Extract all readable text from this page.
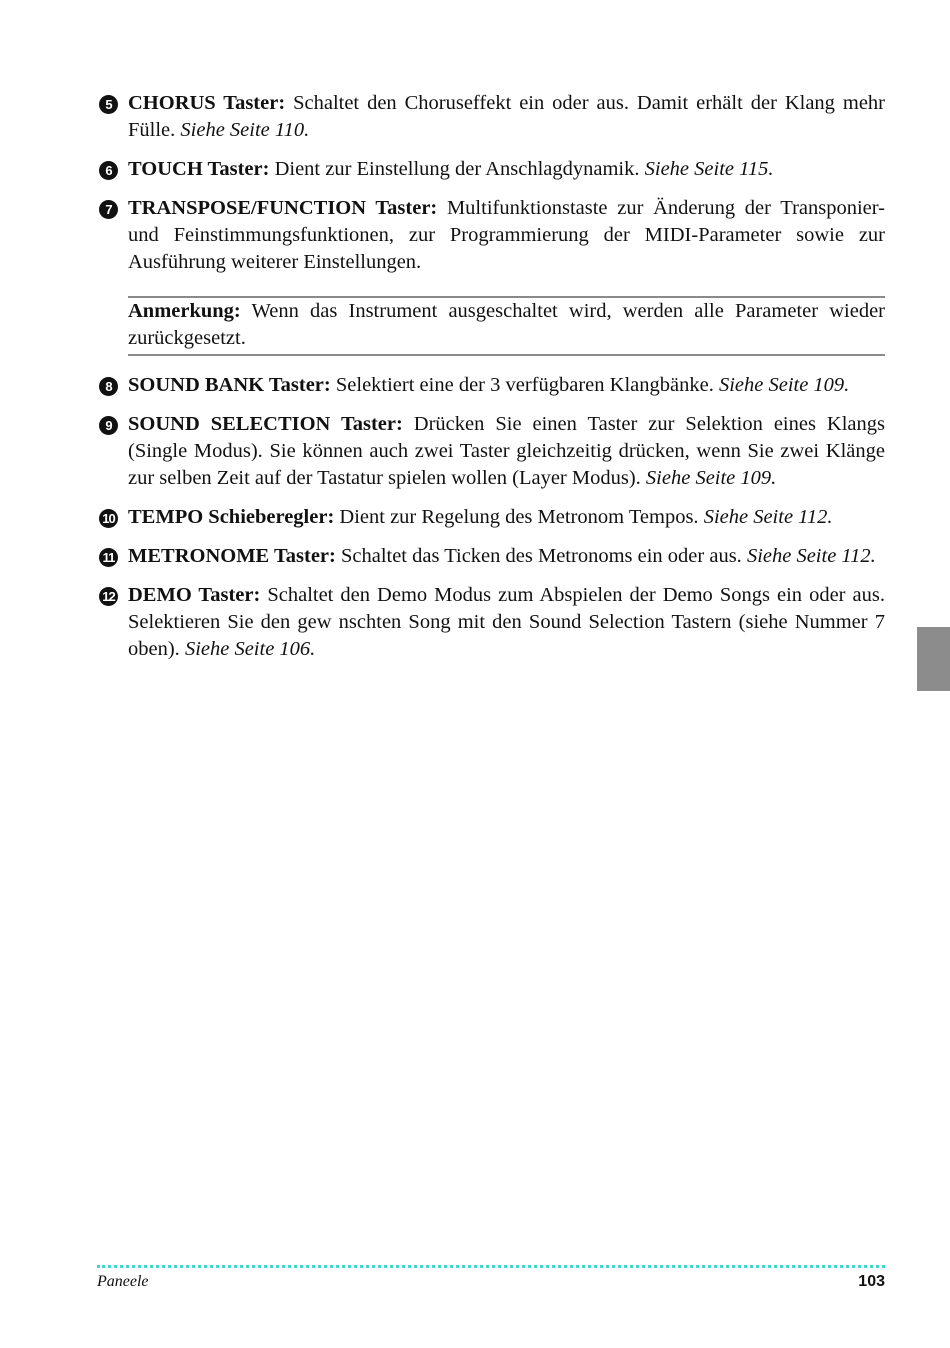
5 CHORUS Taster: Schaltet den Choruseffekt ein oder aus. Damit erhält der Klang mehr Fülle. Siehe Seite 110.
6 TOUCH Taster: Dient zur Einstellung der Anschlagdynamik. Siehe Seite 115.
7 TRANSPOSE/FUNCTION Taster: Multifunktionstaste zur Änderung der Transponier- und Feinstimmungsfunktionen, zur Programmierung der MIDI-Parameter sowie zur Ausführung weiterer Einstellungen.
Anmerkung: Wenn das Instrument ausgeschaltet wird, werden alle Parameter wieder zurückgesetzt.
8 SOUND BANK Taster: Selektiert eine der 3 verfügbaren Klangbänke. Siehe Seite 109.
9 SOUND SELECTION Taster: Drücken Sie einen Taster zur Selektion eines Klangs (Single Modus). Sie können auch zwei Taster gleichzeitig drücken, wenn Sie zwei Klänge zur selben Zeit auf der Tastatur spielen wollen (Layer Modus). Siehe Seite 109.
10 TEMPO Schieberegler: Dient zur Regelung des Metronom Tempos. Siehe Seite 112.
11 METRONOME Taster: Schaltet das Ticken des Metronoms ein oder aus. Siehe Seite 112.
12 DEMO Taster: Schaltet den Demo Modus zum Abspielen der Demo Songs ein oder aus. Selektieren Sie den gew nschten Song mit den Sound Selection Tastern (siehe Nummer 7 oben). Siehe Seite 106.
Paneele	103
